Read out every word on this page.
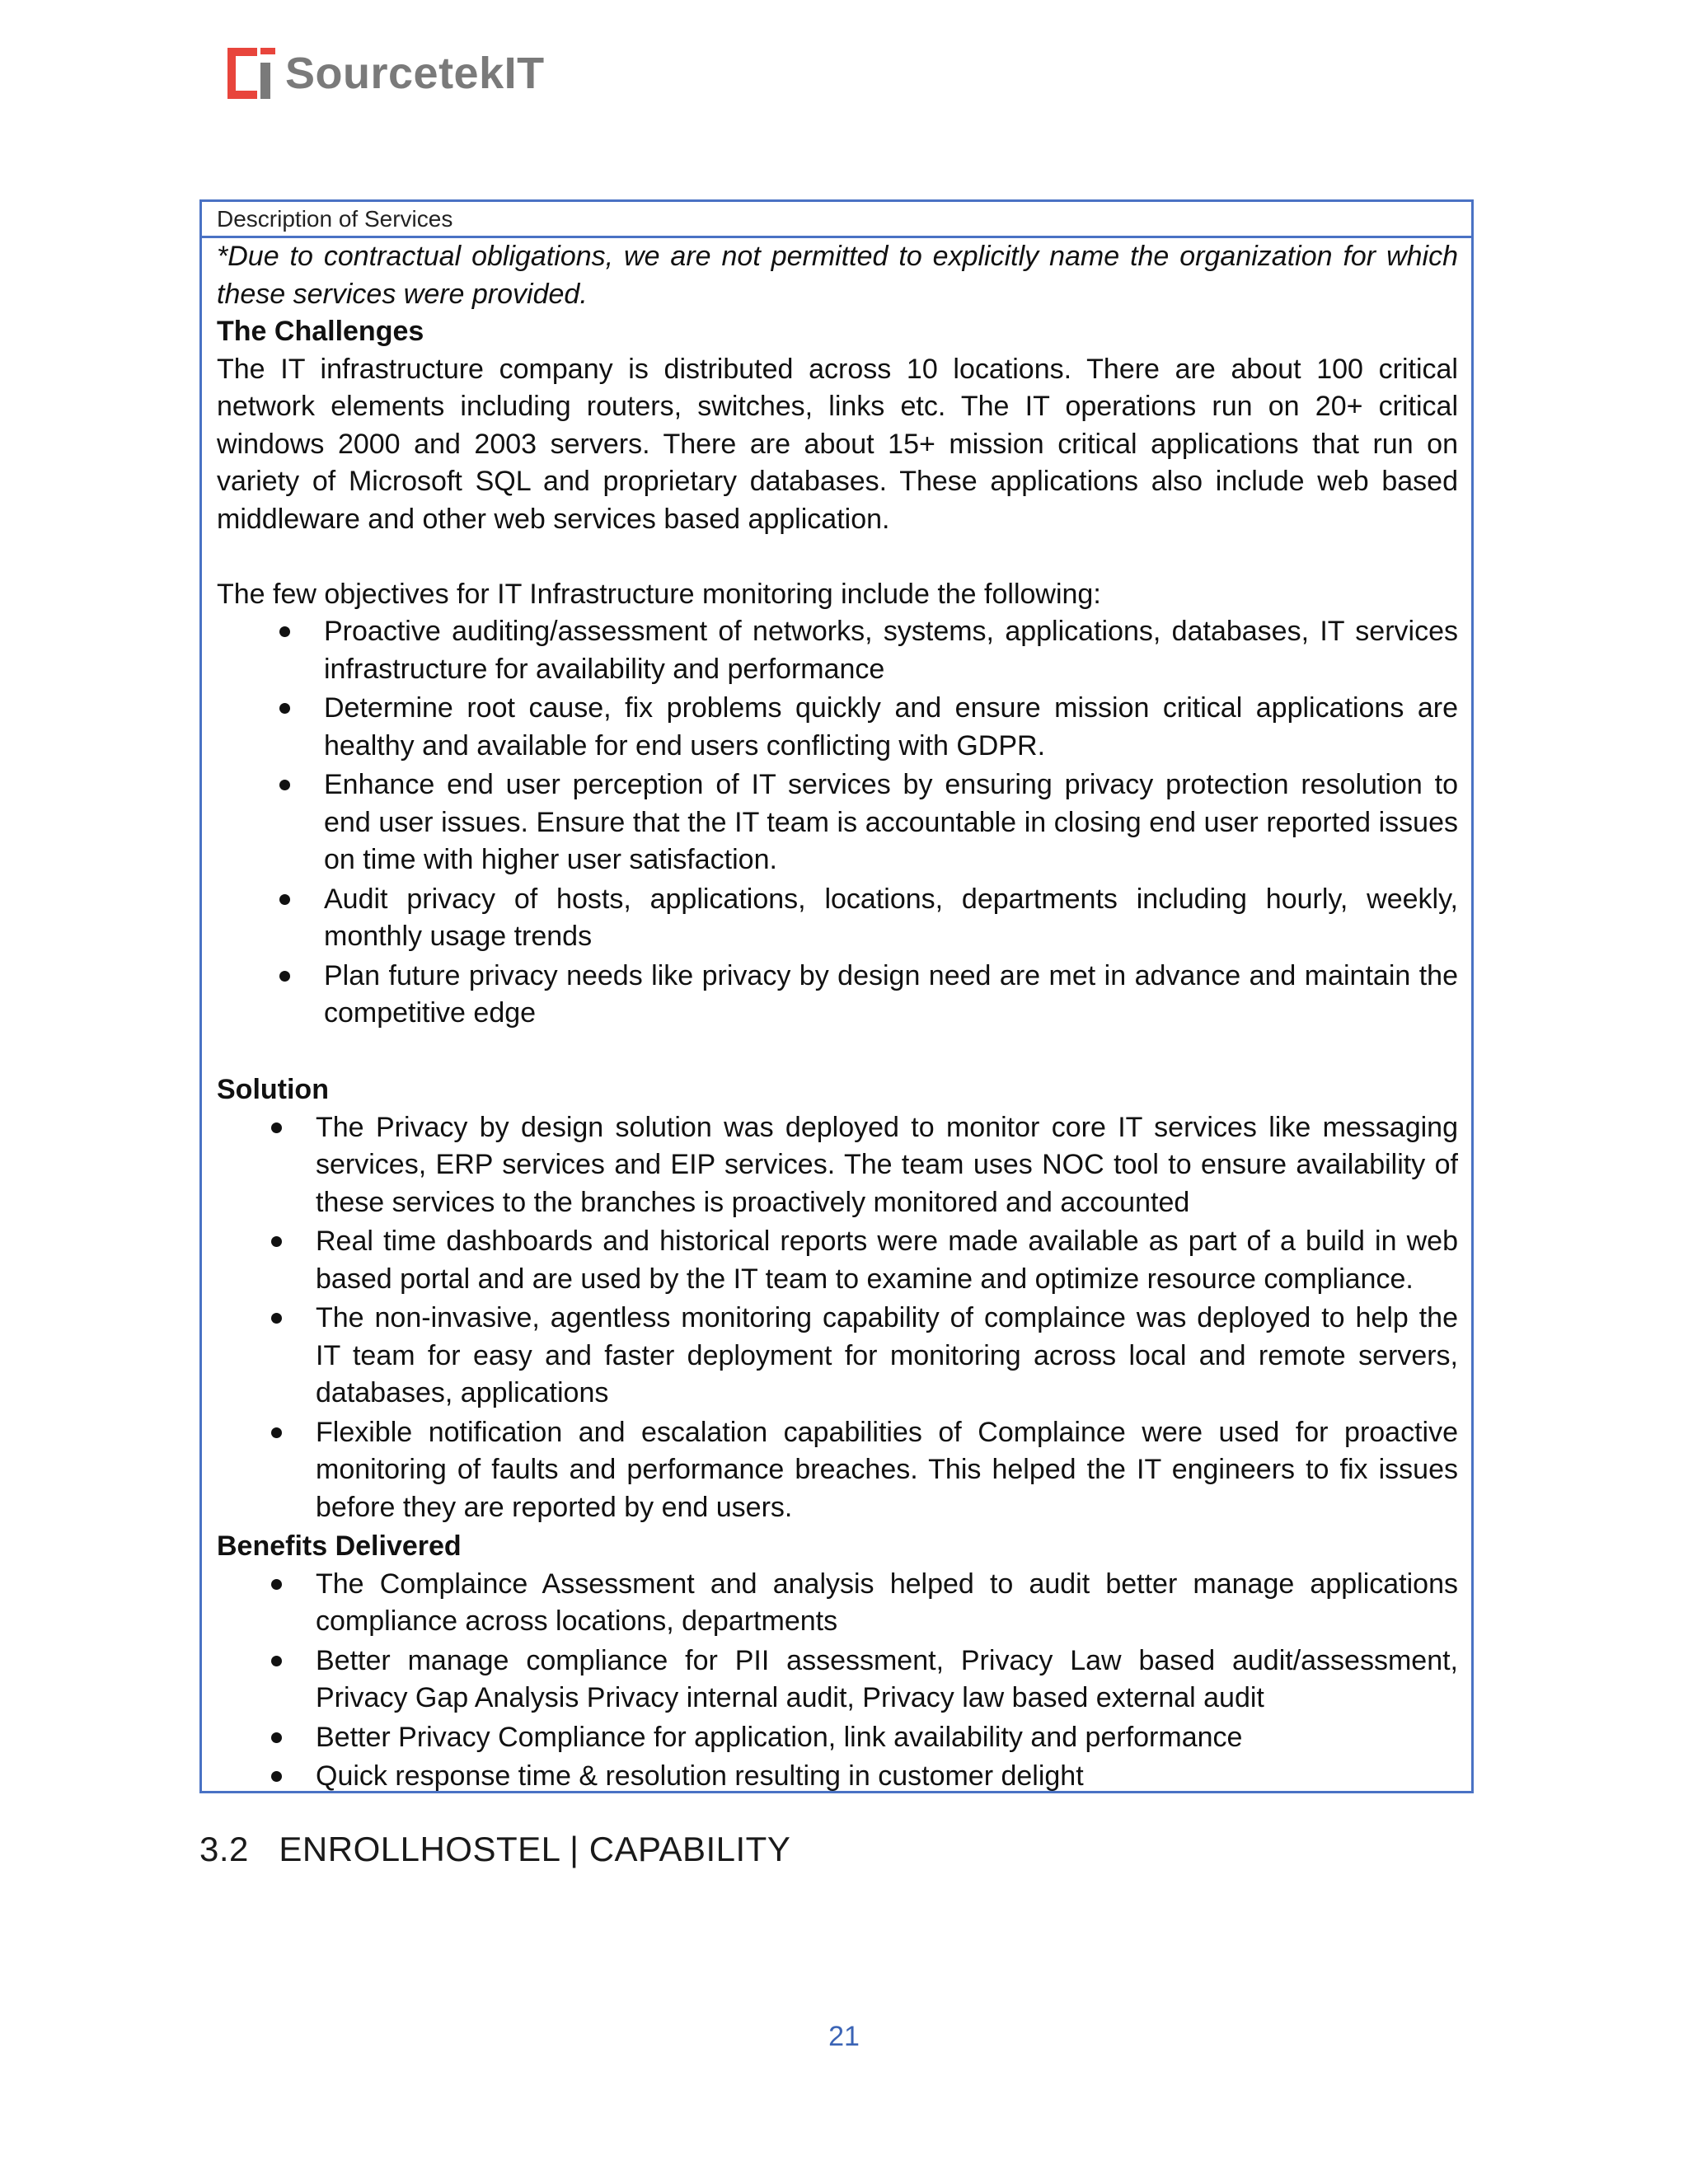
SourcetekIT
Description of Services

*Due to contractual obligations, we are not permitted to explicitly name the organization for which these services were provided.

The Challenges

The IT infrastructure company is distributed across 10 locations. There are about 100 critical network elements including routers, switches, links etc. The IT operations run on 20+ critical windows 2000 and 2003 servers. There are about 15+ mission critical applications that run on variety of Microsoft SQL and proprietary databases. These applications also include web based middleware and other web services based application.

The few objectives for IT Infrastructure monitoring include the following:

Proactive auditing/assessment of networks, systems, applications, databases, IT services infrastructure for availability and performance
Determine root cause, fix problems quickly and ensure mission critical applications are healthy and available for end users conflicting with GDPR.
Enhance end user perception of IT services by ensuring privacy protection resolution to end user issues. Ensure that the IT team is accountable in closing end user reported issues on time with higher user satisfaction.
Audit privacy of hosts, applications, locations, departments including hourly, weekly, monthly usage trends
Plan future privacy needs like privacy by design need are met in advance and maintain the competitive edge

Solution

The Privacy by design solution was deployed to monitor core IT services like messaging services, ERP services and EIP services. The team uses NOC tool to ensure availability of these services to the branches is proactively monitored and accounted
Real time dashboards and historical reports were made available as part of a build in web based portal and are used by the IT team to examine and optimize resource compliance.
The non-invasive, agentless monitoring capability of complaince was deployed to help the IT team for easy and faster deployment for monitoring across local and remote servers, databases, applications
Flexible notification and escalation capabilities of Complaince were used for proactive monitoring of faults and performance breaches. This helped the IT engineers to fix issues before they are reported by end users.

Benefits Delivered

The Complaince Assessment and analysis helped to audit better manage applications compliance across locations, departments
Better manage compliance for PII assessment, Privacy Law based audit/assessment, Privacy Gap Analysis Privacy internal audit, Privacy law based external audit
Better Privacy Compliance for application, link availability and performance
Quick response time & resolution resulting in customer delight
3.2 ENROLLHOSTEL | CAPABILITY
21
